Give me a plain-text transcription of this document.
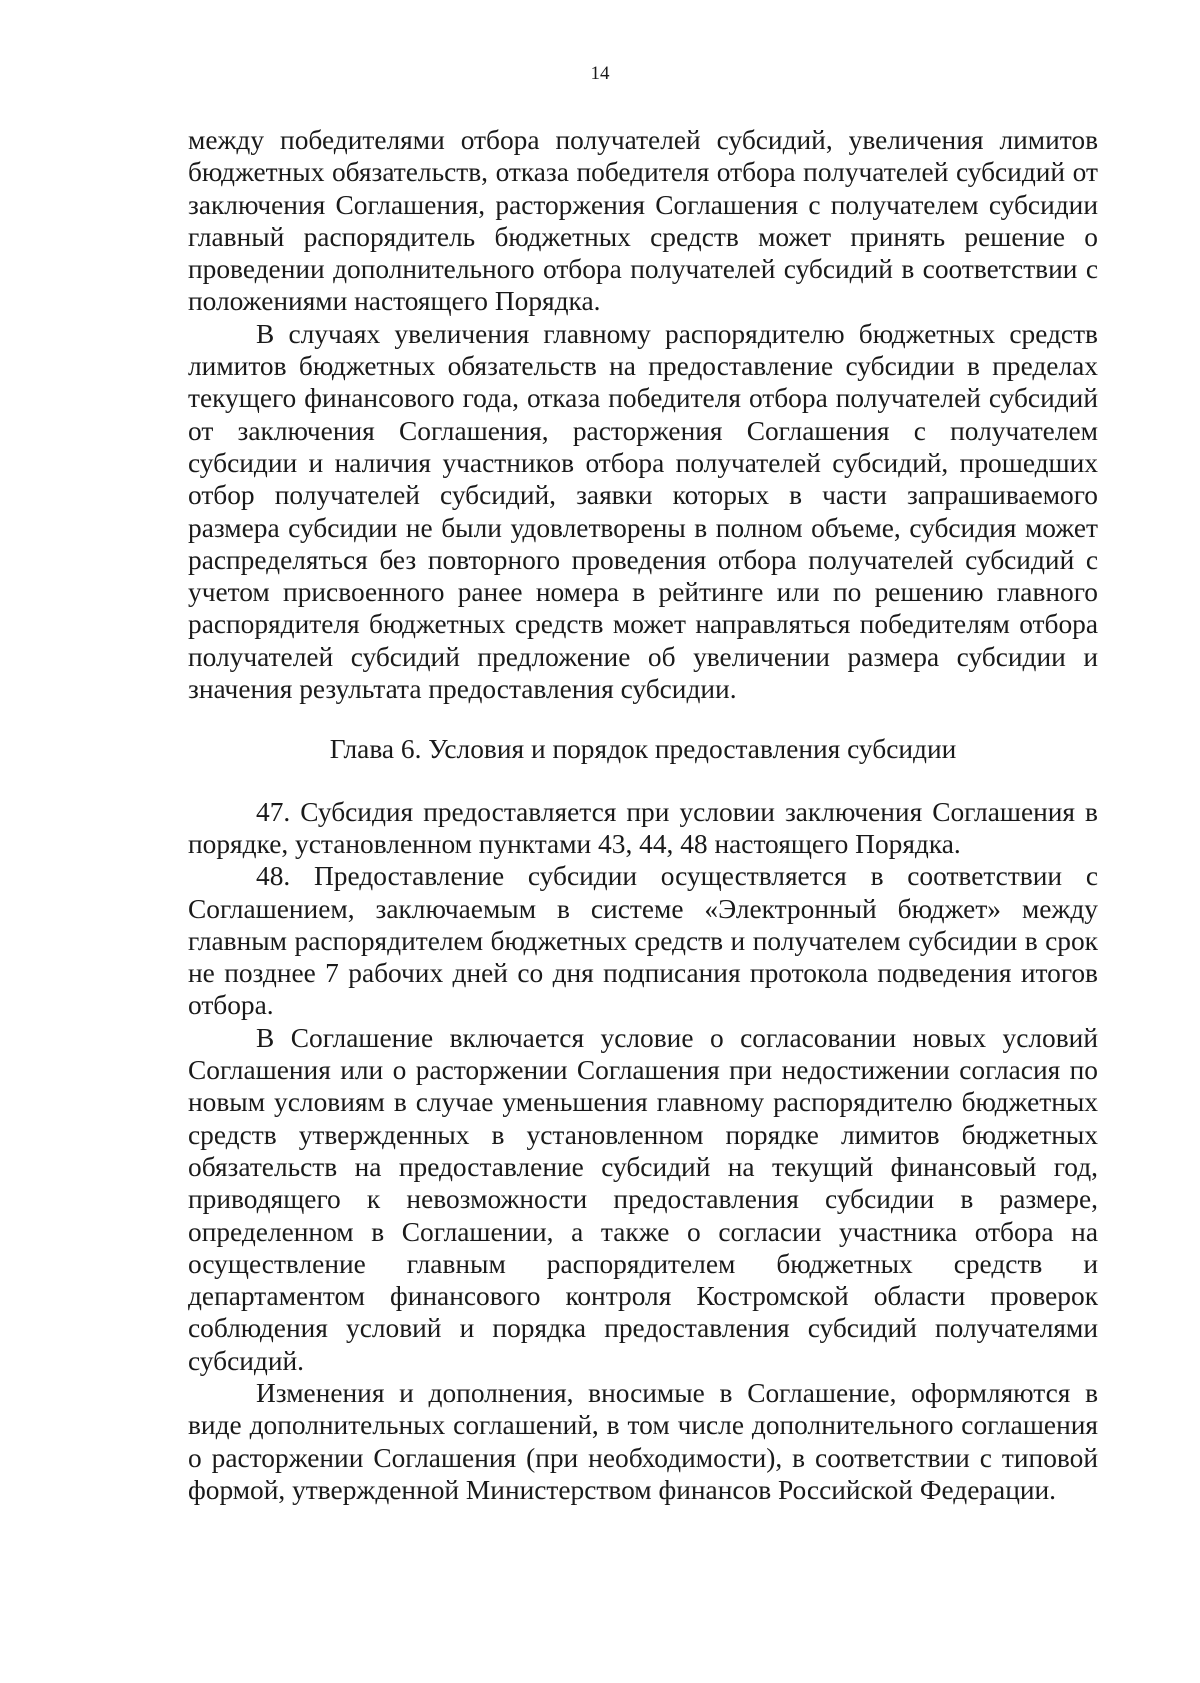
14

между победителями отбора получателей субсидий, увеличения лимитов бюджетных обязательств, отказа победителя отбора получателей субсидий от заключения Соглашения, расторжения Соглашения с получателем субсидии главный распорядитель бюджетных средств может принять решение о проведении дополнительного отбора получателей субсидий в соответствии с положениями настоящего Порядка.

В случаях увеличения главному распорядителю бюджетных средств лимитов бюджетных обязательств на предоставление субсидии в пределах текущего финансового года, отказа победителя отбора получателей субсидий от заключения Соглашения, расторжения Соглашения с получателем субсидии и наличия участников отбора получателей субсидий, прошедших отбор получателей субсидий, заявки которых в части запрашиваемого размера субсидии не были удовлетворены в полном объеме, субсидия может распределяться без повторного проведения отбора получателей субсидий с учетом присвоенного ранее номера в рейтинге или по решению главного распорядителя бюджетных средств может направляться победителям отбора получателей субсидий предложение об увеличении размера субсидии и значения результата предоставления субсидии.

Глава 6. Условия и порядок предоставления субсидии

47. Субсидия предоставляется при условии заключения Соглашения в порядке, установленном пунктами 43, 44, 48 настоящего Порядка.

48. Предоставление субсидии осуществляется в соответствии с Соглашением, заключаемым в системе «Электронный бюджет» между главным распорядителем бюджетных средств и получателем субсидии в срок не позднее 7 рабочих дней со дня подписания протокола подведения итогов отбора.

В Соглашение включается условие о согласовании новых условий Соглашения или о расторжении Соглашения при недостижении согласия по новым условиям в случае уменьшения главному распорядителю бюджетных средств утвержденных в установленном порядке лимитов бюджетных обязательств на предоставление субсидий на текущий финансовый год, приводящего к невозможности предоставления субсидии в размере, определенном в Соглашении, а также о согласии участника отбора на осуществление главным распорядителем бюджетных средств и департаментом финансового контроля Костромской области проверок соблюдения условий и порядка предоставления субсидий получателями субсидий.

Изменения и дополнения, вносимые в Соглашение, оформляются в виде дополнительных соглашений, в том числе дополнительного соглашения о расторжении Соглашения (при необходимости), в соответствии с типовой формой, утвержденной Министерством финансов Российской Федерации.
